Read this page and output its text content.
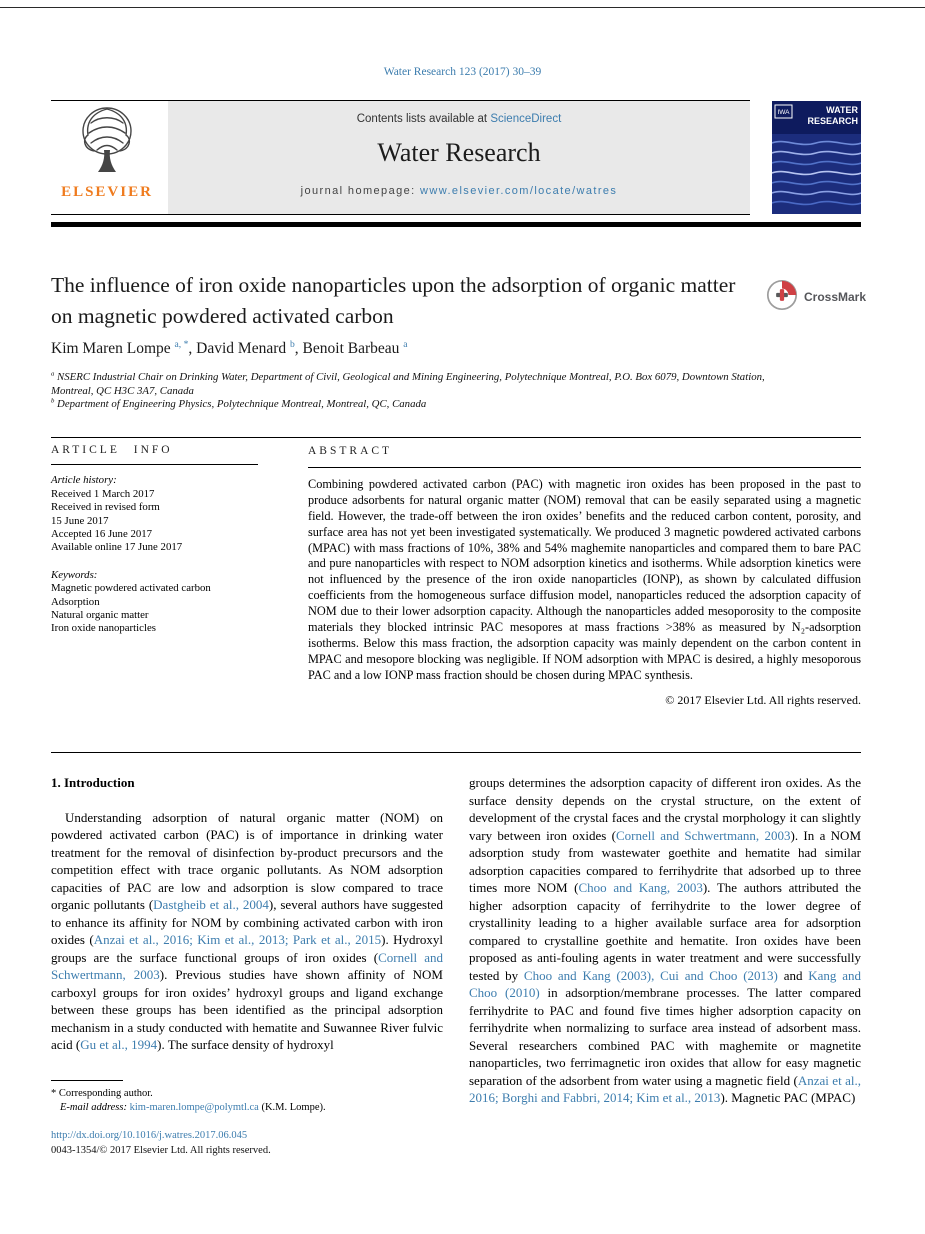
Water Research 123 (2017) 30–39
ELSEVIER
Contents lists available at ScienceDirect
Water Research
journal homepage: www.elsevier.com/locate/watres
IWA	WATER
RESEARCH
The influence of iron oxide nanoparticles upon the adsorption of organic matter on magnetic powdered activated carbon
CrossMark
Kim Maren Lompe $^{a, *}$, David Menard $^b$, Benoit Barbeau $^a$
$^a$ NSERC Industrial Chair on Drinking Water, Department of Civil, Geological and Mining Engineering, Polytechnique Montreal, P.O. Box 6079, Downtown Station, Montreal, QC H3C 3A7, Canada
$^b$ Department of Engineering Physics, Polytechnique Montreal, Montreal, QC, Canada
ARTICLE INFO
Article history:
Received 1 March 2017
Received in revised form
15 June 2017
Accepted 16 June 2017
Available online 17 June 2017
Keywords:
Magnetic powdered activated carbon
Adsorption
Natural organic matter
Iron oxide nanoparticles
ABSTRACT

Combining powdered activated carbon (PAC) with magnetic iron oxides has been proposed in the past to produce adsorbents for natural organic matter (NOM) removal that can be easily separated using a magnetic field. However, the trade-off between the iron oxides’ benefits and the reduced carbon content, porosity, and surface area has not yet been investigated systematically. We produced 3 magnetic powdered activated carbons (MPAC) with mass fractions of 10%, 38% and 54% maghemite nanoparticles and compared them to bare PAC and pure nanoparticles with respect to NOM adsorption kinetics and isotherms. While adsorption kinetics were not influenced by the presence of the iron oxide nanoparticles (IONP), as shown by calculated diffusion coefficients from the homogeneous surface diffusion model, nanoparticles reduced the adsorption capacity of NOM due to their lower adsorption capacity. Although the nanoparticles added mesoporosity to the composite materials they blocked intrinsic PAC mesopores at mass fractions >38% as measured by N₂-adsorption isotherms. Below this mass fraction, the adsorption capacity was mainly dependent on the carbon content in MPAC and mesopore blocking was negligible. If NOM adsorption with MPAC is desired, a highly mesoporous PAC and a low IONP mass fraction should be chosen during MPAC synthesis.

© 2017 Elsevier Ltd. All rights reserved.
1. Introduction

Understanding adsorption of natural organic matter (NOM) on powdered activated carbon (PAC) is of importance in drinking water treatment for the removal of disinfection by-product precursors and the competition effect with trace organic pollutants. As NOM adsorption capacities of PAC are low and adsorption is slow compared to trace organic pollutants (Dastgheib et al., 2004), several authors have suggested to enhance its affinity for NOM by combining activated carbon with iron oxides (Anzai et al., 2016; Kim et al., 2013; Park et al., 2015). Hydroxyl groups are the surface functional groups of iron oxides (Cornell and Schwertmann, 2003). Previous studies have shown affinity of NOM carboxyl groups for iron oxides’ hydroxyl groups and ligand exchange between these groups has been identified as the principal adsorption mechanism in a study conducted with hematite and Suwannee River fulvic acid (Gu et al., 1994). The surface density of hydroxyl

groups determines the adsorption capacity of different iron oxides. As the surface density depends on the crystal structure, on the extent of development of the crystal faces and the crystal morphology it can slightly vary between iron oxides (Cornell and Schwertmann, 2003). In a NOM adsorption study from wastewater goethite and hematite had similar adsorption capacities compared to ferrihydrite that adsorbed up to three times more NOM (Choo and Kang, 2003). The authors attributed the higher adsorption capacity of ferrihydrite to the lower degree of crystallinity leading to a higher available surface area for adsorption compared to crystalline goethite and hematite. Iron oxides have been proposed as anti-fouling agents in water treatment and were successfully tested by Choo and Kang (2003), Cui and Choo (2013) and Kang and Choo (2010) in adsorption/membrane processes. The latter compared ferrihydrite to PAC and found five times higher adsorption capacity on ferrihydrite when normalizing to surface area instead of adsorbent mass. Several researchers combined PAC with maghemite or magnetite nanoparticles, two ferrimagnetic iron oxides that allow for easy magnetic separation of the adsorbent from water using a magnetic field (Anzai et al., 2016; Borghi and Fabbri, 2014; Kim et al., 2013). Magnetic PAC (MPAC)

* Corresponding author.
E-mail address: kim-maren.lompe@polymtl.ca (K.M. Lompe).
http://dx.doi.org/10.1016/j.watres.2017.06.045
0043-1354/© 2017 Elsevier Ltd. All rights reserved.
